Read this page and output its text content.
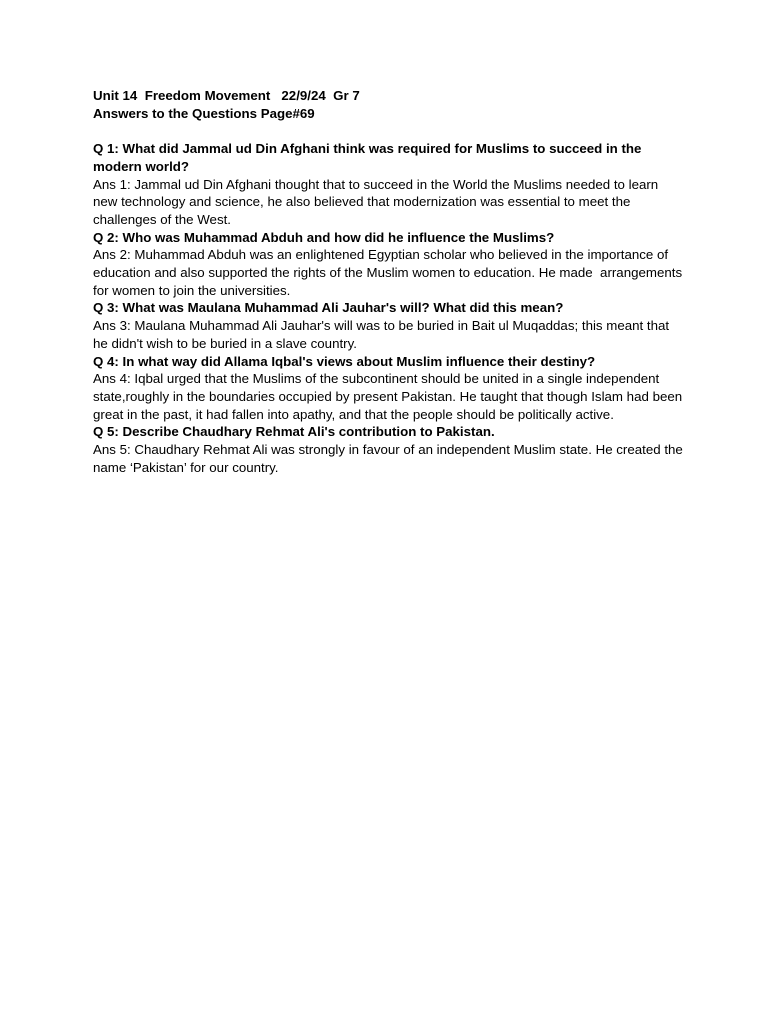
Unit 14  Freedom Movement   22/9/24  Gr 7

Answers to the Questions Page#69

Q 1: What did Jammal ud Din Afghani think was required for Muslims to succeed in the modern world?

Ans 1: Jammal ud Din Afghani thought that to succeed in the World the Muslims needed to learn new technology and science, he also believed that modernization was essential to meet the challenges of the West.

Q 2: Who was Muhammad Abduh and how did he influence the Muslims?

Ans 2: Muhammad Abduh was an enlightened Egyptian scholar who believed in the importance of education and also supported the rights of the Muslim women to education. He made  arrangements for women to join the universities.

Q 3: What was Maulana Muhammad Ali Jauhar's will? What did this mean?

Ans 3: Maulana Muhammad Ali Jauhar's will was to be buried in Bait ul Muqaddas; this meant that he didn't wish to be buried in a slave country.

Q 4: In what way did Allama Iqbal's views about Muslim influence their destiny?

Ans 4: Iqbal urged that the Muslims of the subcontinent should be united in a single independent state,roughly in the boundaries occupied by present Pakistan. He taught that though Islam had been great in the past, it had fallen into apathy, and that the people should be politically active.

Q 5: Describe Chaudhary Rehmat Ali's contribution to Pakistan.

Ans 5: Chaudhary Rehmat Ali was strongly in favour of an independent Muslim state. He created the name ‘Pakistan’ for our country.
